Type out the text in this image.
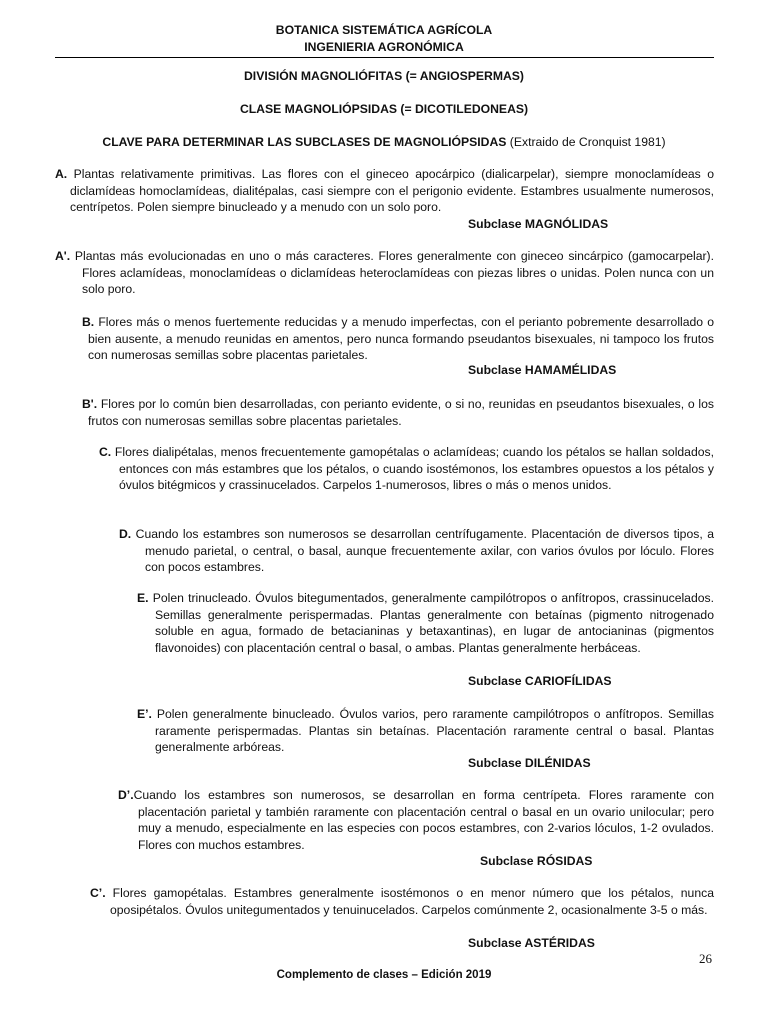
BOTANICA SISTEMÁTICA AGRÍCOLA
INGENIERIA AGRONÓMICA
DIVISIÓN MAGNOLIÓFITAS (= ANGIOSPERMAS)
CLASE MAGNOLIÓPSIDAS (= DICOTILEDONEAS)
CLAVE PARA DETERMINAR LAS SUBCLASES DE MAGNOLIÓPSIDAS (Extraido de Cronquist 1981)
A. Plantas relativamente primitivas. Las flores con el gineceo apocárpico (dialicarpelar), siempre monoclamídeas o diclamídeas homoclamídeas, dialitépalas, casi siempre con el perigonio evidente. Estambres usualmente numerosos, centrípetos. Polen siempre binucleado y a menudo con un solo poro.
Subclase MAGNÓLIDAS
A'. Plantas más evolucionadas en uno o más caracteres. Flores generalmente con gineceo sincárpico (gamocarpelar). Flores aclamídeas, monoclamídeas o diclamídeas heteroclamídeas con piezas libres o unidas. Polen nunca con un solo poro.
B. Flores más o menos fuertemente reducidas y a menudo imperfectas, con el perianto pobremente desarrollado o bien ausente, a menudo reunidas en amentos, pero nunca formando pseudantos bisexuales, ni tampoco los frutos con numerosas semillas sobre placentas parietales.
Subclase HAMAMÉLIDAS
B'. Flores por lo común bien desarrolladas, con perianto evidente, o si no, reunidas en pseudantos bisexuales, o los frutos con numerosas semillas sobre placentas parietales.
C. Flores dialipétalas, menos frecuentemente gamopétalas o aclamídeas; cuando los pétalos se hallan soldados, entonces con más estambres que los pétalos, o cuando isostémonos, los estambres opuestos a los pétalos y óvulos bitégmicos y crassinucelados. Carpelos 1-numerosos, libres o más o menos unidos.
D. Cuando los estambres son numerosos se desarrollan centrífugamente. Placentación de diversos tipos, a menudo parietal, o central, o basal, aunque frecuentemente axilar, con varios óvulos por lóculo. Flores con pocos estambres.
E. Polen trinucleado. Óvulos bitegumentados, generalmente campilótropos o anfítropos, crassinucelados. Semillas generalmente perispermadas. Plantas generalmente con betaínas (pigmento nitrogenado soluble en agua, formado de betacianinas y betaxantinas), en lugar de antocianinas (pigmentos flavonoides) con placentación central o basal, o ambas. Plantas generalmente herbáceas.
Subclase CARIOFÍLIDAS
E’. Polen generalmente binucleado. Óvulos varios, pero raramente campilótropos o anfítropos. Semillas raramente perispermadas. Plantas sin betaínas. Placentación raramente central o basal. Plantas generalmente arbóreas.
Subclase DILÉNIDAS
D’.Cuando los estambres son numerosos, se desarrollan en forma centrípeta. Flores raramente con placentación parietal y también raramente con placentación central o basal en un ovario unilocular; pero muy a menudo, especialmente en las especies con pocos estambres, con 2-varios lóculos, 1-2 ovulados. Flores con muchos estambres.
Subclase RÓSIDAS
C’. Flores gamopétalas. Estambres generalmente isostémonos o en menor número que los pétalos, nunca oposipétalos. Óvulos unitegumentados y tenuinucelados. Carpelos comúnmente 2, ocasionalmente 3-5 o más.
Subclase ASTÉRIDAS
26
Complemento de clases – Edición 2019
